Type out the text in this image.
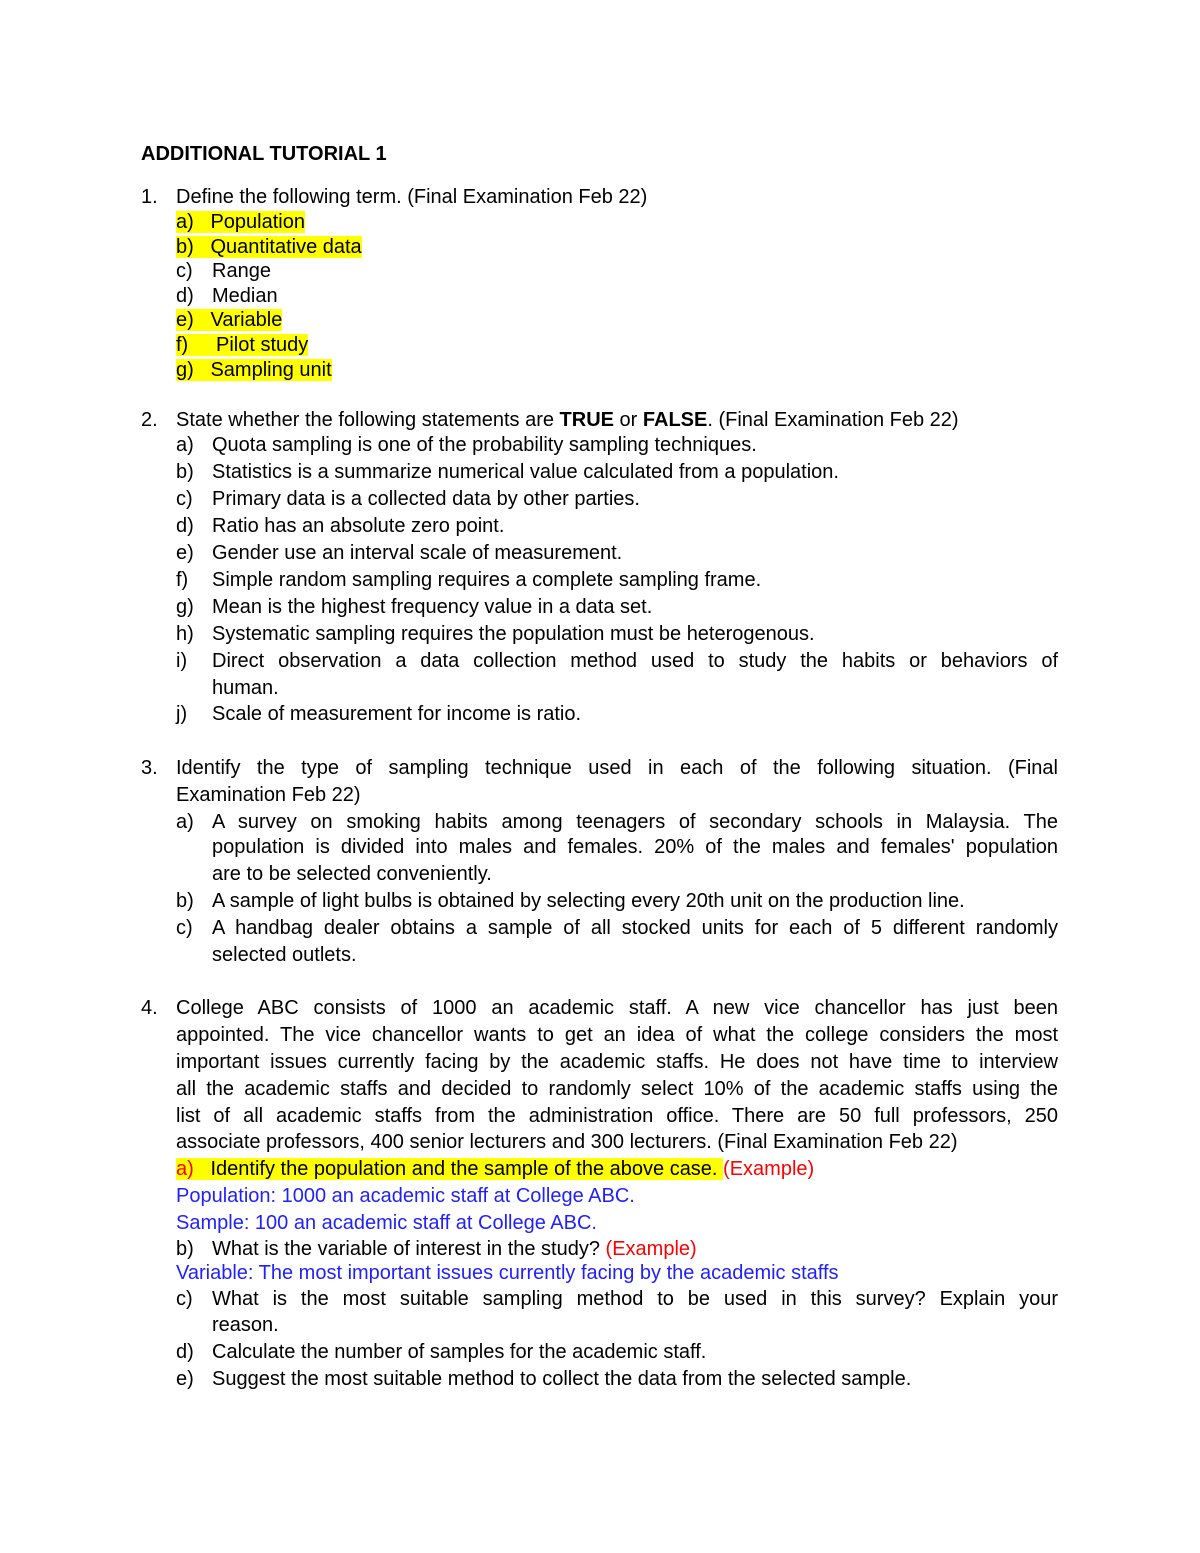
ADDITIONAL TUTORIAL 1
1. Define the following term. (Final Examination Feb 22)
a) Population
b) Quantitative data
c) Range
d) Median
e) Variable
f) Pilot study
g) Sampling unit
2. State whether the following statements are TRUE or FALSE. (Final Examination Feb 22)
a) Quota sampling is one of the probability sampling techniques.
b) Statistics is a summarize numerical value calculated from a population.
c) Primary data is a collected data by other parties.
d) Ratio has an absolute zero point.
e) Gender use an interval scale of measurement.
f) Simple random sampling requires a complete sampling frame.
g) Mean is the highest frequency value in a data set.
h) Systematic sampling requires the population must be heterogenous.
i) Direct observation a data collection method used to study the habits or behaviors of
human.
j) Scale of measurement for income is ratio.
3. Identify the type of sampling technique used in each of the following situation. (Final
Examination Feb 22)
a) A survey on smoking habits among teenagers of secondary schools in Malaysia. The
population is divided into males and females. 20% of the males and females' population
are to be selected conveniently.
b) A sample of light bulbs is obtained by selecting every 20th unit on the production line.
c) A handbag dealer obtains a sample of all stocked units for each of 5 different randomly
selected outlets.
4. College ABC consists of 1000 an academic staff. A new vice chancellor has just been
appointed. The vice chancellor wants to get an idea of what the college considers the most
important issues currently facing by the academic staffs. He does not have time to interview
all the academic staffs and decided to randomly select 10% of the academic staffs using the
list of all academic staffs from the administration office. There are 50 full professors, 250
associate professors, 400 senior lecturers and 300 lecturers. (Final Examination Feb 22)
a) Identify the population and the sample of the above case. (Example)
Population: 1000 an academic staff at College ABC.
Sample: 100 an academic staff at College ABC.
b) What is the variable of interest in the study? (Example)
Variable: The most important issues currently facing by the academic staffs
c) What is the most suitable sampling method to be used in this survey? Explain your
reason.
d) Calculate the number of samples for the academic staff.
e) Suggest the most suitable method to collect the data from the selected sample.
